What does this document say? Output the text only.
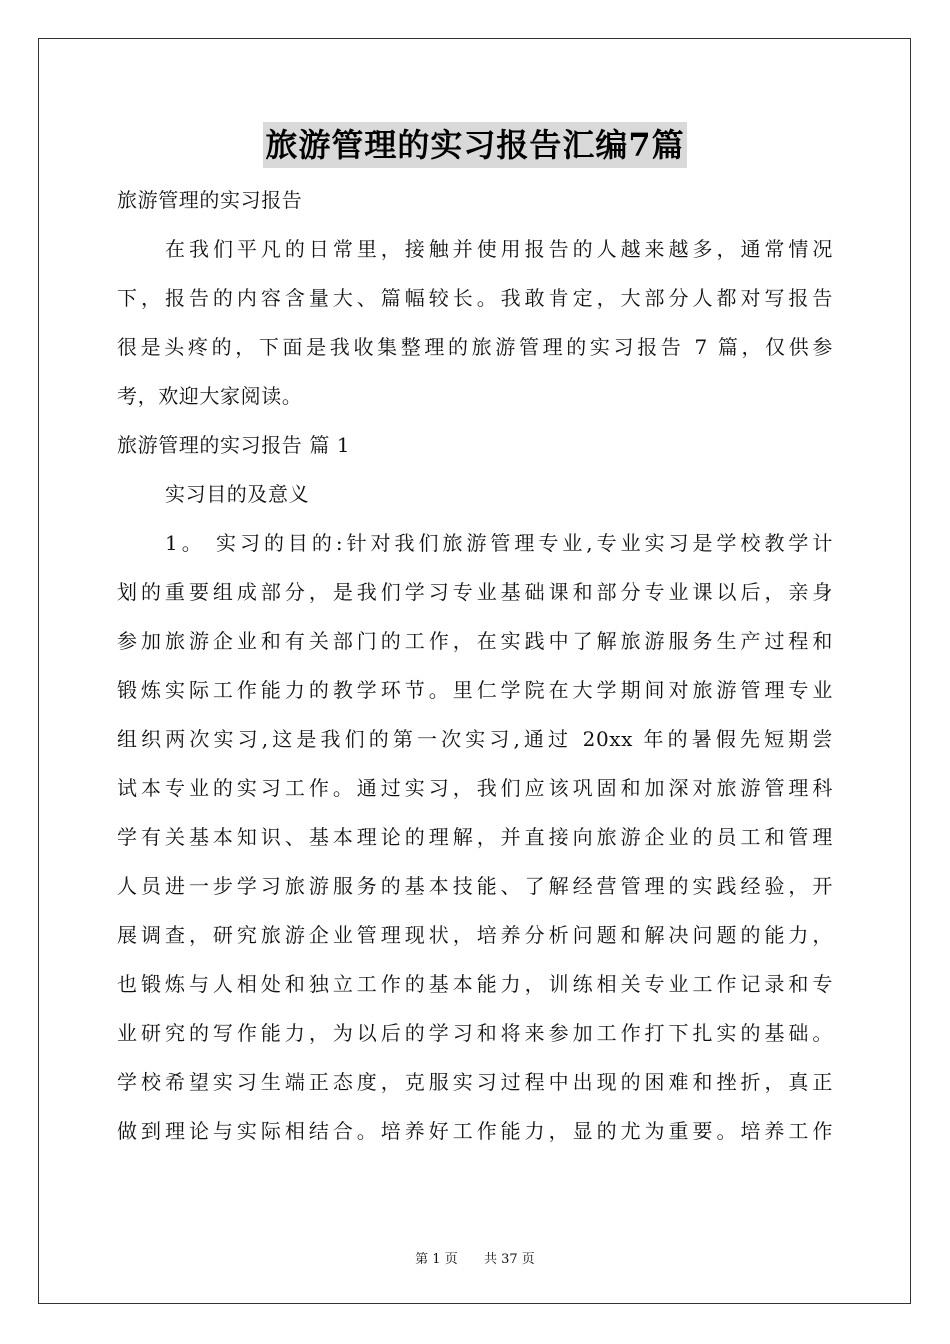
旅游管理的实习报告汇编7篇
旅游管理的实习报告
在我们平凡的日常里，接触并使用报告的人越来越多，通常情况
下，报告的内容含量大、篇幅较长。我敢肯定，大部分人都对写报告
很是头疼的，下面是我收集整理的旅游管理的实习报告 7 篇，仅供参
考，欢迎大家阅读。
旅游管理的实习报告 篇 1
实习目的及意义
1。 实习的目的:针对我们旅游管理专业,专业实习是学校教学计
划的重要组成部分，是我们学习专业基础课和部分专业课以后，亲身
参加旅游企业和有关部门的工作，在实践中了解旅游服务生产过程和
锻炼实际工作能力的教学环节。里仁学院在大学期间对旅游管理专业
组织两次实习,这是我们的第一次实习,通过 20xx 年的暑假先短期尝
试本专业的实习工作。通过实习，我们应该巩固和加深对旅游管理科
学有关基本知识、基本理论的理解，并直接向旅游企业的员工和管理
人员进一步学习旅游服务的基本技能、了解经营管理的实践经验，开
展调查，研究旅游企业管理现状，培养分析问题和解决问题的能力，
也锻炼与人相处和独立工作的基本能力，训练相关专业工作记录和专
业研究的写作能力，为以后的学习和将来参加工作打下扎实的基础。
学校希望实习生端正态度，克服实习过程中出现的困难和挫折，真正
做到理论与实际相结合。培养好工作能力，显的尤为重要。培养工作
第 1 页 共 37 页
